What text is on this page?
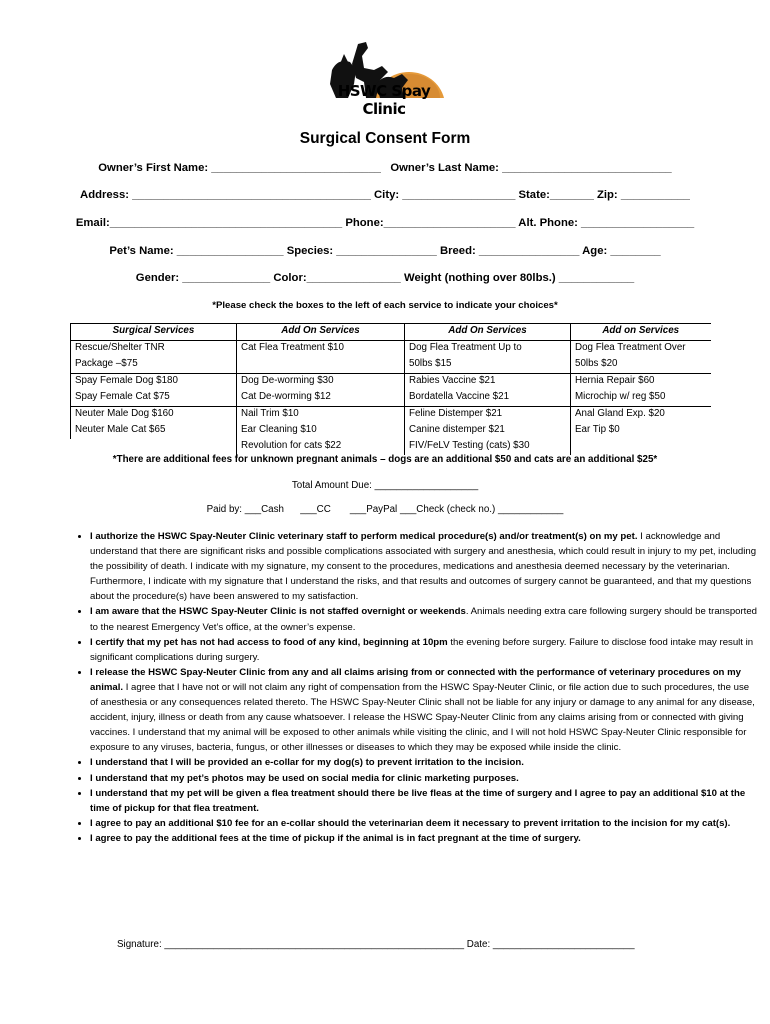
HSWC Spay Clinic
Surgical Consent Form
Owner’s First Name: ___________________________   Owner’s Last Name: ___________________________
Address: ______________________________________ City: __________________ State:_______ Zip: ___________
Email:_____________________________________ Phone:_____________________ Alt. Phone: __________________
Pet’s Name: _________________ Species: ________________ Breed: ________________ Age: ________
Gender: ______________ Color:_______________ Weight (nothing over 80lbs.) ____________
*Please check the boxes to the left of each service to indicate your choices*
Surgical Services	Add On Services	Add On Services	Add on Services
Rescue/Shelter TNR	Cat Flea Treatment $10	Dog Flea Treatment Up to	Dog Flea Treatment Over
Package –$75		50lbs $15	50lbs $20
Spay Female Dog $180	Dog De-worming $30	Rabies Vaccine $21	Hernia Repair $60
Spay Female Cat $75	Cat De-worming $12	Bordatella Vaccine $21	Microchip w/ reg $50
Neuter Male Dog $160	Nail Trim $10	Feline Distemper $21	Anal Gland Exp. $20
Neuter Male Cat $65	Ear Cleaning $10	Canine distemper $21	Ear Tip $0
	Revolution for cats $22	FIV/FeLV Testing (cats) $30	
*There are additional fees for unknown pregnant animals – dogs are an additional $50 and cats are an additional $25*
Total Amount Due: ___________________
Paid by: ___Cash      ___CC       ___PayPal ___Check (check no.) ____________
• I authorize the HSWC Spay-Neuter Clinic veterinary staff to perform medical procedure(s) and/or treatment(s) on my pet. I acknowledge and understand that there are significant risks and possible complications associated with surgery and anesthesia, which could result in injury to my pet, including the possibility of death. I indicate with my signature, my consent to the procedures, medications and anesthesia deemed necessary by the veterinarian. Furthermore, I indicate with my signature that I understand the risks, and that results and outcomes of surgery cannot be guaranteed, and that my questions about the procedure(s) have been answered to my satisfaction.
• I am aware that the HSWC Spay-Neuter Clinic is not staffed overnight or weekends. Animals needing extra care following surgery should be transported to the nearest Emergency Vet’s office, at the owner’s expense.
• I certify that my pet has not had access to food of any kind, beginning at 10pm the evening before surgery. Failure to disclose food intake may result in significant complications during surgery.
• I release the HSWC Spay-Neuter Clinic from any and all claims arising from or connected with the performance of veterinary procedures on my animal. I agree that I have not or will not claim any right of compensation from the HSWC Spay-Neuter Clinic, or file action due to such procedures, the use of anesthesia or any consequences related thereto. The HSWC Spay-Neuter Clinic shall not be liable for any injury or damage to any animal for any disease, accident, injury, illness or death from any cause whatsoever. I release the HSWC Spay-Neuter Clinic from any claims arising from or connected with giving vaccines. I understand that my animal will be exposed to other animals while visiting the clinic, and I will not hold HSWC Spay-Neuter Clinic responsible for exposure to any viruses, bacteria, fungus, or other illnesses or diseases to which they may be exposed while inside the clinic.
• I understand that I will be provided an e-collar for my dog(s) to prevent irritation to the incision.
• I understand that my pet’s photos may be used on social media for clinic marketing purposes.
• I understand that my pet will be given a flea treatment should there be live fleas at the time of surgery and I agree to pay an additional $10 at the time of pickup for that flea treatment.
• I agree to pay an additional $10 fee for an e-collar should the veterinarian deem it necessary to prevent irritation to the incision for my cat(s).
• I agree to pay the additional fees at the time of pickup if the animal is in fact pregnant at the time of surgery.
Signature: _______________________________________________________ Date: __________________________
